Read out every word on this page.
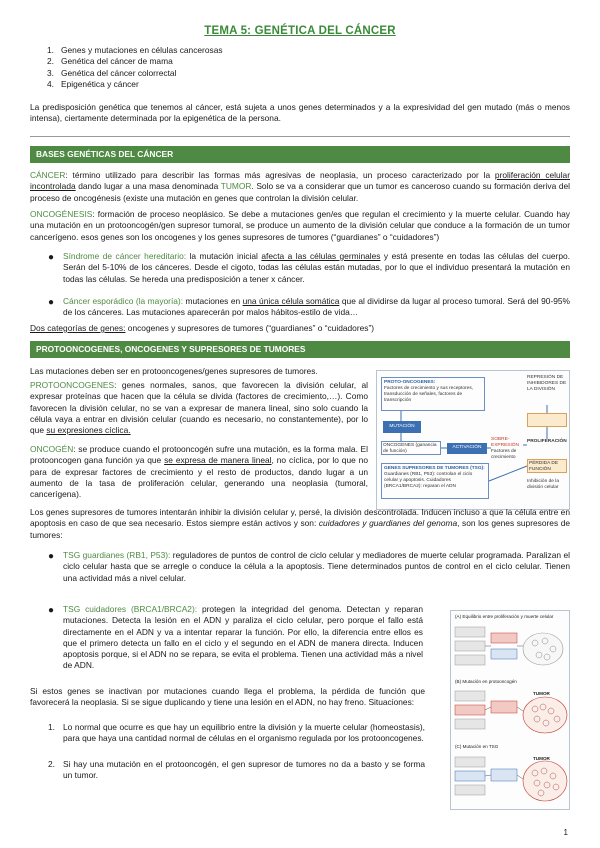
TEMA 5: GENÉTICA DEL CÁNCER
1. Genes y mutaciones en células cancerosas
2. Genética del cáncer de mama
3. Genética del cáncer colorrectal
4. Epigenética y cáncer

La predisposición genética que tenemos al cáncer, está sujeta a unos genes determinados y a la expresividad del gen mutado (más o menos intensa), ciertamente determinada por la epigenética de la persona.

BASES GENÉTICAS DEL CÁNCER

CÁNCER: término utilizado para describir las formas más agresivas de neoplasia, un proceso caracterizado por la proliferación celular incontrolada dando lugar a una masa denominada TUMOR. Solo se va a considerar que un tumor es canceroso cuando su formación deriva del proceso de oncogénesis (existe una mutación en genes que controlan la división celular.

ONCOGÉNESIS: formación de proceso neoplásico. Se debe a mutaciones gen/es que regulan el crecimiento y la muerte celular. Cuando hay una mutación en un protooncogén/gen supresor tumoral, se produce un aumento de la división celular que conduce a la formación de un tumor cancerígeno. esos genes son los oncogenes y los genes supresores de tumores (“guardianes” o “cuidadores”)

● Síndrome de cáncer hereditario: la mutación inicial afecta a las células germinales y está presente en todas las células del cuerpo. Serán del 5-10% de los cánceres. Desde el cigoto, todas las células están mutadas, por lo que el individuo presentará la mutación en todas las células. Se hereda una predisposición a tener x cáncer.

● Cáncer esporádico (la mayoría): mutaciones en una única célula somática que al dividirse da lugar al proceso tumoral. Será del 90-95% de los cánceres. Las mutaciones aparecerán por malos hábitos-estilo de vida…

Dos categorías de genes: oncogenes y supresores de tumores (“guardianes” o “cuidadores”)

PROTOONCOGENES, ONCOGENES Y SUPRESORES DE TUMORES

Las mutaciones deben ser en protooncogenes/genes supresores de tumores.

PROTOONCOGENES: genes normales, sanos, que favorecen la división celular, al expresar proteínas que hacen que la célula se divida (factores de crecimiento,…). Como favorecen la división celular, no se van a expresar de manera lineal, sino solo cuando la célula vaya a entrar en división celular (cuando es necesario, no constantemente), por lo que su expresiones cíclica.

ONCOGÉN: se produce cuando el protooncogén sufre una mutación, es la forma mala. El protooncogen gana función ya que se expresa de manera lineal, no cíclica, por lo que no para de expresar factores de crecimiento y el resto de productos, dando lugar a un aumento de la tasa de proliferación celular, generando una neoplasia (tumoral, cancerígena).

PROTO-ONCOGENES:
Factores de crecimiento y sus receptores, transducción de señales, factores de transcripción
MUTACIÓN
ONCOGENES (ganancia de función)
ACTIVACIÓN
SOBRE-EXPRESIÓN
Factores de crecimiento
GENES SUPRESORES DE TUMORES (TSG):
Guardianes (RB1, P53): controlan el ciclo celular y apoptosis. Cuidadores (BRCA1/BRCA2): reparan el ADN
REPRESIÓN DE INHIBIDORES DE LA DIVISIÓN
PROLIFERACIÓN
PÉRDIDA DE FUNCIÓN
Inhibición de la división celular

Los genes supresores de tumores intentarán inhibir la división celular y, persé, la división descontrolada. Inducen incluso a que la célula entre en apoptosis en caso de que sea necesario. Estos siempre están activos y son: cuidadores y guardianes del genoma, son los genes supresores de tumores:

● TSG guardianes (RB1, P53): reguladores de puntos de control de ciclo celular y mediadores de muerte celular programada. Paralizan el ciclo celular hasta que se arregle o conduce la célula a la apoptosis. Tiene determinados puntos de control en el ciclo celular. Tienen una actividad más a nivel celular.

● TSG cuidadores (BRCA1/BRCA2): protegen la integridad del genoma. Detectan y reparan mutaciones. Detecta la lesión en el ADN y paraliza el ciclo celular, pero porque el fallo está directamente en el ADN y va a intentar reparar la función. Por ello, la diferencia entre ellos es que el primero detecta un fallo en el ciclo y el segundo en el ADN de manera directa. Inducen apoptosis porque, si el ADN no se repara, se evita el problema. Tienen una actividad más a nivel de ADN.

Si estos genes se inactivan por mutaciones cuando llega el problema, la pérdida de función que favorecerá la neoplasia. Si se sigue duplicando y tiene una lesión en el ADN, no hay freno. Situaciones:

1. Lo normal que ocurre es que hay un equilibrio entre la división y la muerte celular (homeostasis), para que haya una cantidad normal de células en el organismo regulada por los protooncogenes.

2. Si hay una mutación en el protooncogén, el gen supresor de tumores no da a basto y se forma un tumor.

(A) Equilibrio entre proliferación y muerte celular
(B) Mutación en protooncogén
(C) Mutación en TSG
TUMOR
TUMOR
1
